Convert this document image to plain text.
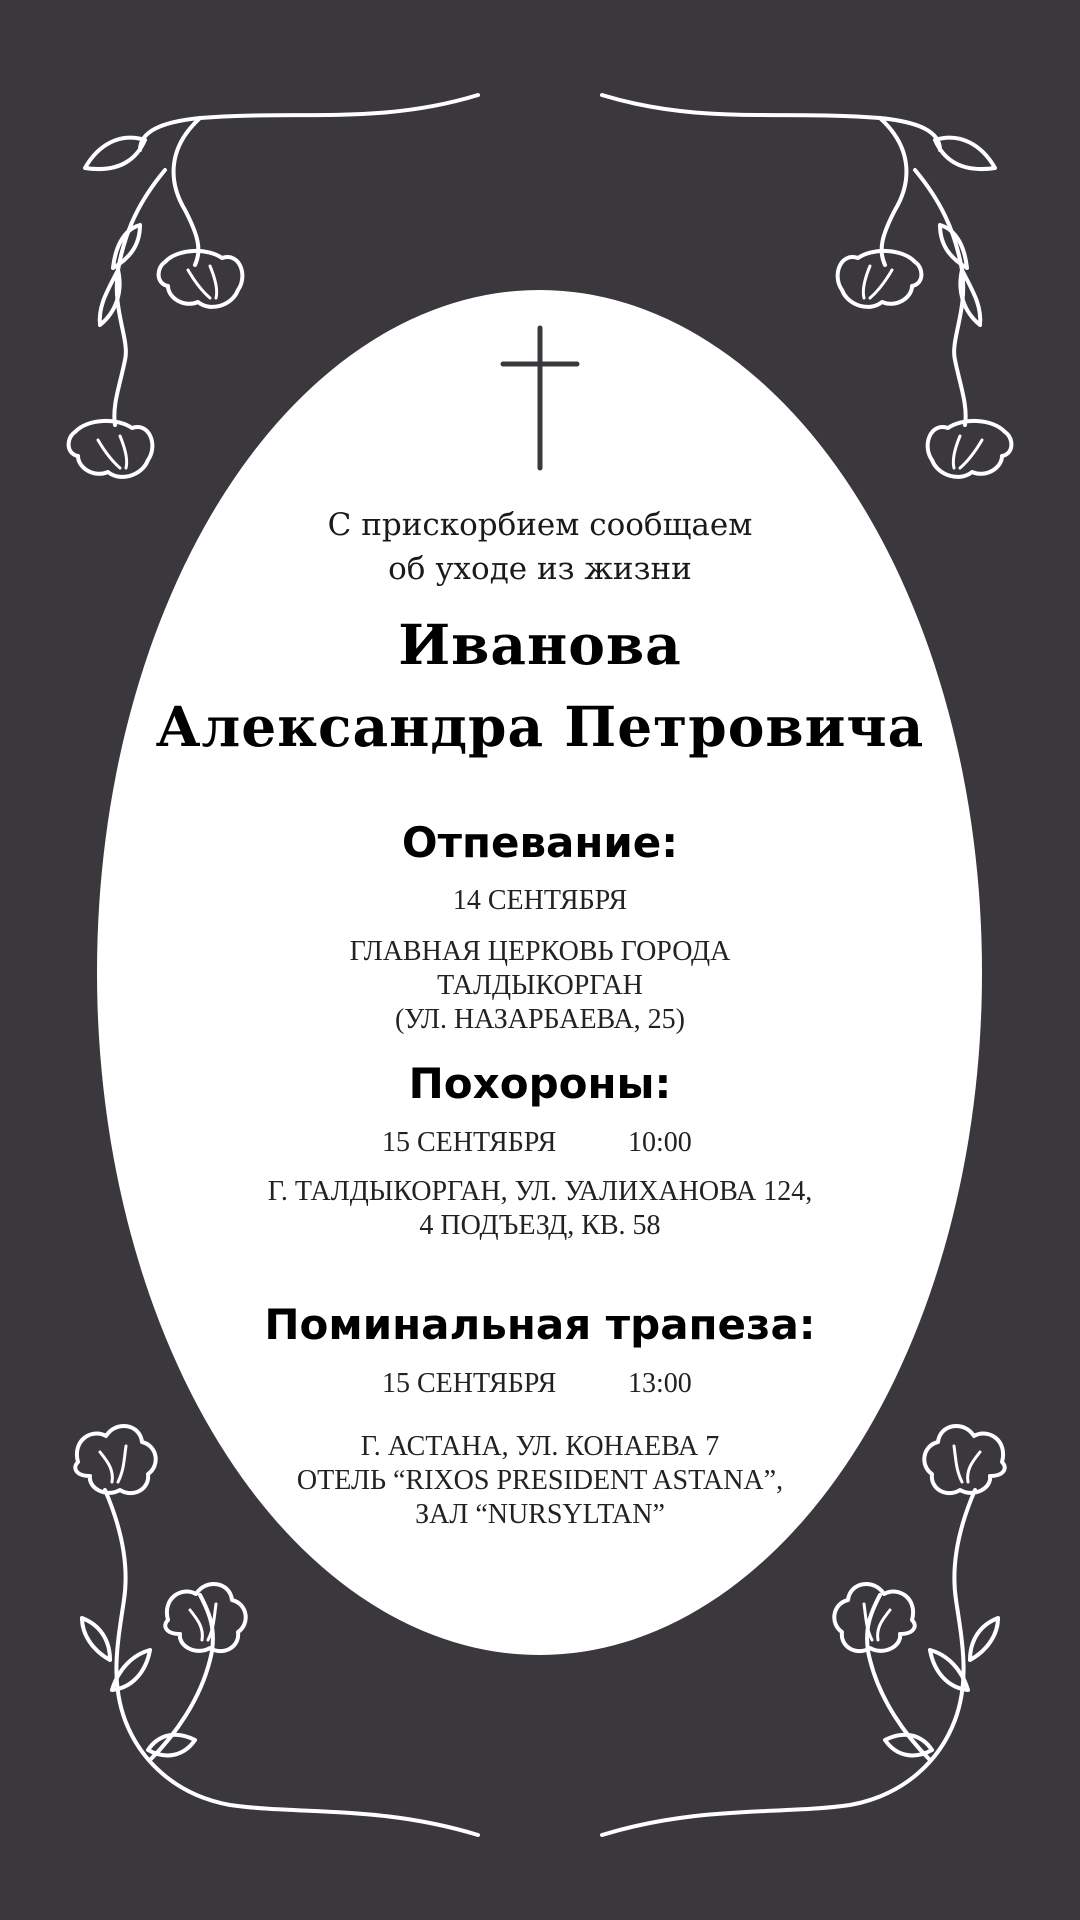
С прискорбием сообщаем
об уходе из жизни

Иванова

Александра Петровича

Отпевание:

14 СЕНТЯБРЯ

ГЛАВНАЯ ЦЕРКОВЬ ГОРОДА
ТАЛДЫКОРГАН
(УЛ. НАЗАРБАЕВА, 25)

Похороны:

15 СЕНТЯБРЯ	10:00

Г. ТАЛДЫКОРГАН, УЛ. УАЛИХАНОВА 124,
4 ПОДЪЕЗД, КВ. 58

Поминальная трапеза:

15 СЕНТЯБРЯ	13:00

Г. АСТАНА, УЛ. КОНАЕВА 7
ОТЕЛЬ “RIXOS PRESIDENT ASTANA”,
ЗАЛ “NURSYLTAN”
